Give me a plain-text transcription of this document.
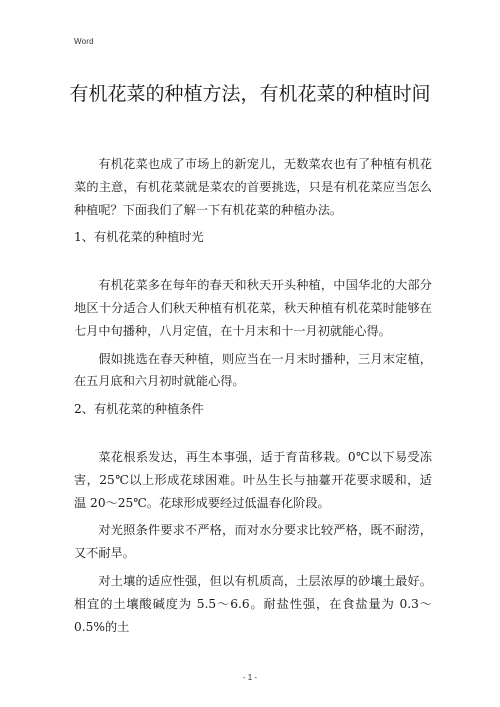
Word
有机花菜的种植方法，有机花菜的种植时间

有机花菜也成了市场上的新宠儿，无数菜农也有了种植有机花菜的主意，有机花菜就是菜农的首要挑选，只是有机花菜应当怎么种植呢？下面我们了解一下有机花菜的种植办法。

1、有机花菜的种植时光

有机花菜多在每年的春天和秋天开头种植，中国华北的大部分地区十分适合人们秋天种植有机花菜，秋天种植有机花菜时能够在七月中旬播种，八月定值，在十月末和十一月初就能心得。

假如挑选在春天种植，则应当在一月末时播种，三月末定植，在五月底和六月初时就能心得。

2、有机花菜的种植条件

菜花根系发达，再生本事强，适于育苗移栽。0℃以下易受冻害，25℃以上形成花球困难。叶丛生长与抽薹开花要求暖和，适温 20～25℃。花球形成要经过低温春化阶段。

对光照条件要求不严格，而对水分要求比较严格，既不耐涝，又不耐旱。

对土壤的适应性强，但以有机质高，土层浓厚的砂壤土最好。相宜的土壤酸碱度为 5.5～6.6。耐盐性强，在食盐量为 0.3～0.5%的土

- 1 -
